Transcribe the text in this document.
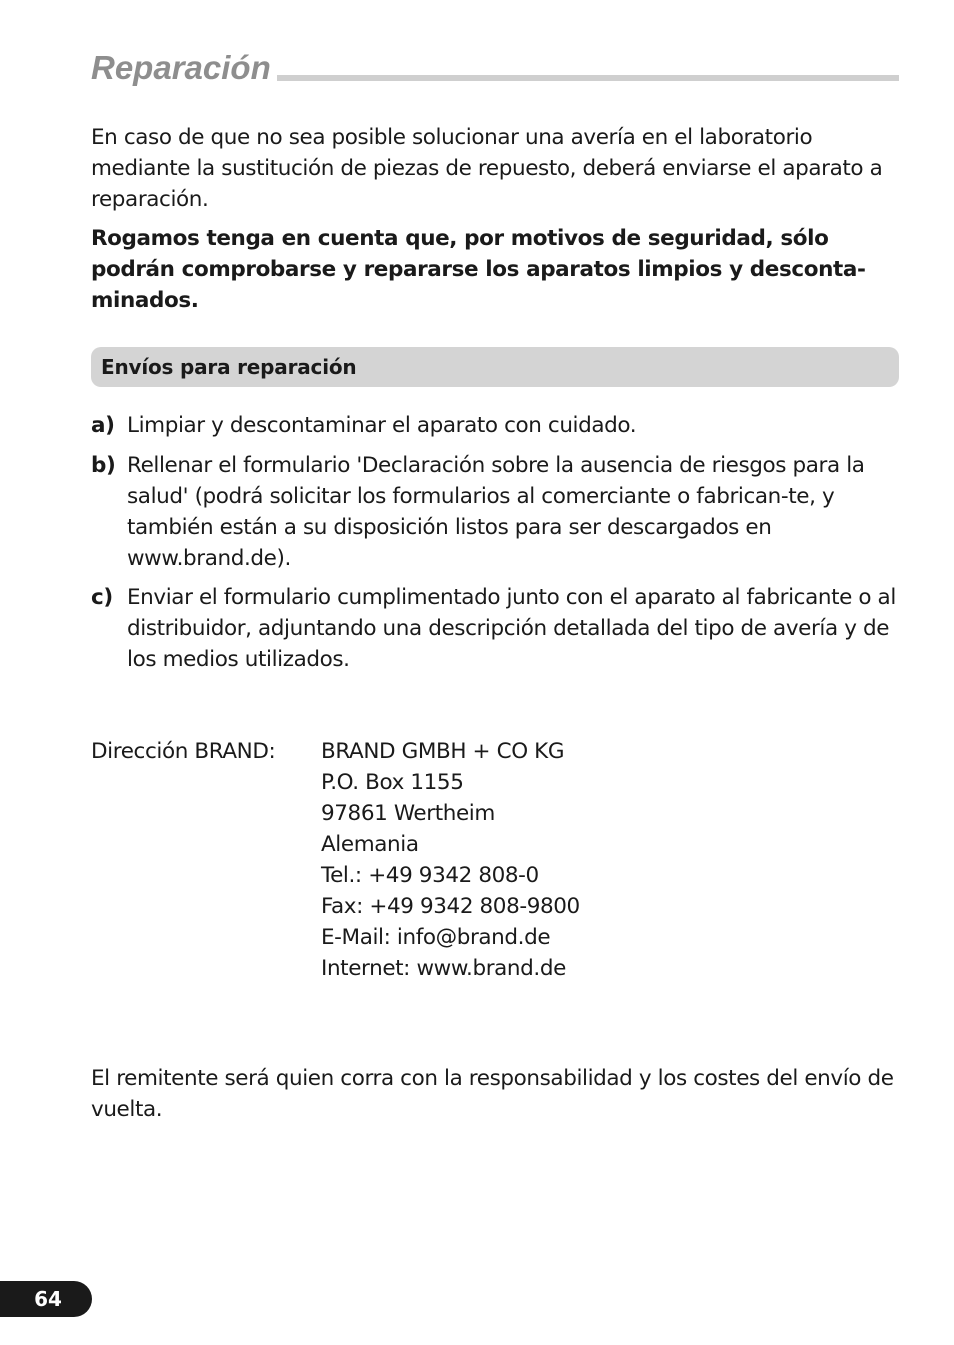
Reparación
En caso de que no sea posible solucionar una avería en el laboratorio mediante la sustitución de piezas de repuesto, deberá enviarse el aparato a reparación.
Rogamos tenga en cuenta que, por motivos de seguridad, sólo podrán comprobarse y repararse los aparatos limpios y desconta-minados.
Envíos para reparación
a) Limpiar y descontaminar el aparato con cuidado.
b) Rellenar el formulario 'Declaración sobre la ausencia de riesgos para la salud' (podrá solicitar los formularios al comerciante o fabrican-te, y también están a su disposición listos para ser descargados en www.brand.de).
c) Enviar el formulario cumplimentado junto con el aparato al fabricante o al distribuidor, adjuntando una descripción detallada del tipo de avería y de los medios utilizados.
Dirección BRAND: BRAND GMBH + CO KG
P.O. Box 1155
97861 Wertheim
Alemania
Tel.: +49 9342 808-0
Fax: +49 9342 808-9800
E-Mail: info@brand.de
Internet: www.brand.de
El remitente será quien corra con la responsabilidad y los costes del envío de vuelta.
64
